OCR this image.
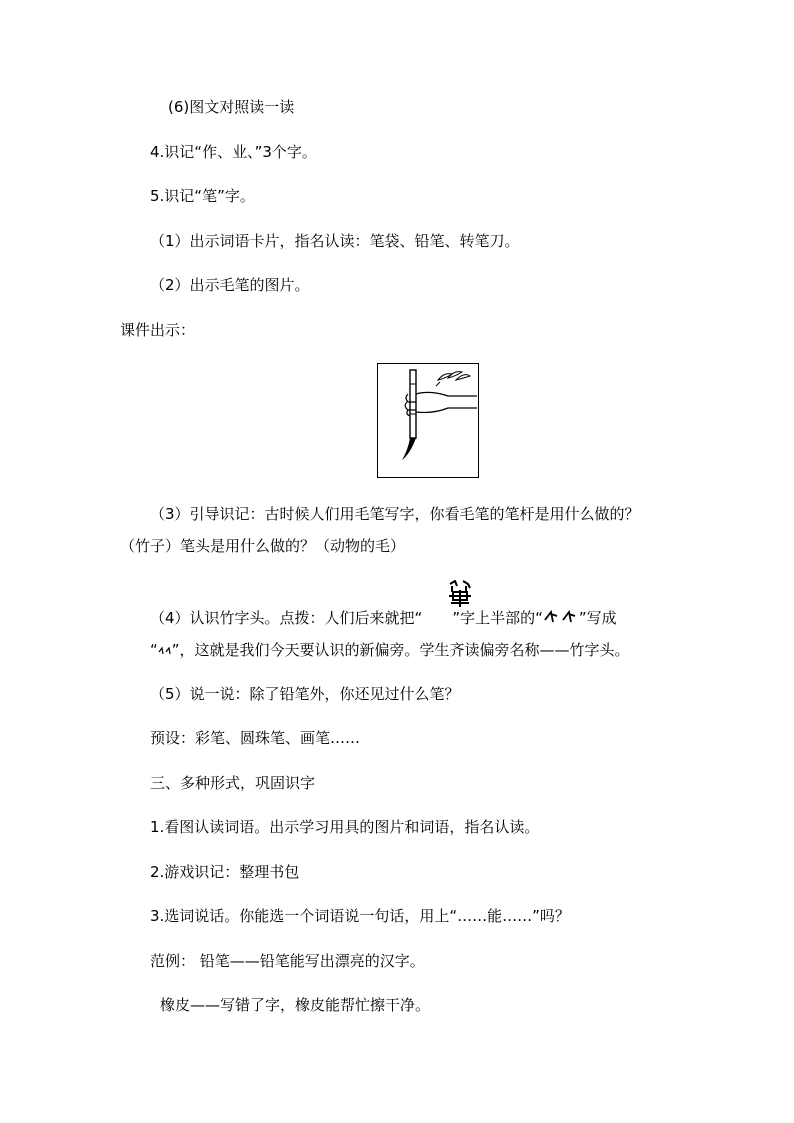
(6)图文对照读一读
4.识记“作、业、”3个字。
5.识记“笔”字。
（1）出示词语卡片，指名认读：笔袋、铅笔、转笔刀。
（2）出示毛笔的图片。
课件出示：
（3）引导识记：古时候人们用毛笔写字，你看毛笔的笔杆是用什么做的？
（竹子）笔头是用什么做的？（动物的毛）
（4）认识竹字头。点拨：人们后来就把“ ”字上半部的“ ”写成
“ ”，这就是我们今天要认识的新偏旁。学生齐读偏旁名称——竹字头。
（5）说一说：除了铅笔外，你还见过什么笔？
预设：彩笔、圆珠笔、画笔……
三、多种形式，巩固识字
1.看图认读词语。出示学习用具的图片和词语，指名认读。
2.游戏识记：整理书包
3.选词说话。你能选一个词语说一句话，用上“……能……”吗？
范例： 铅笔——铅笔能写出漂亮的汉字。
橡皮——写错了字，橡皮能帮忙擦干净。
